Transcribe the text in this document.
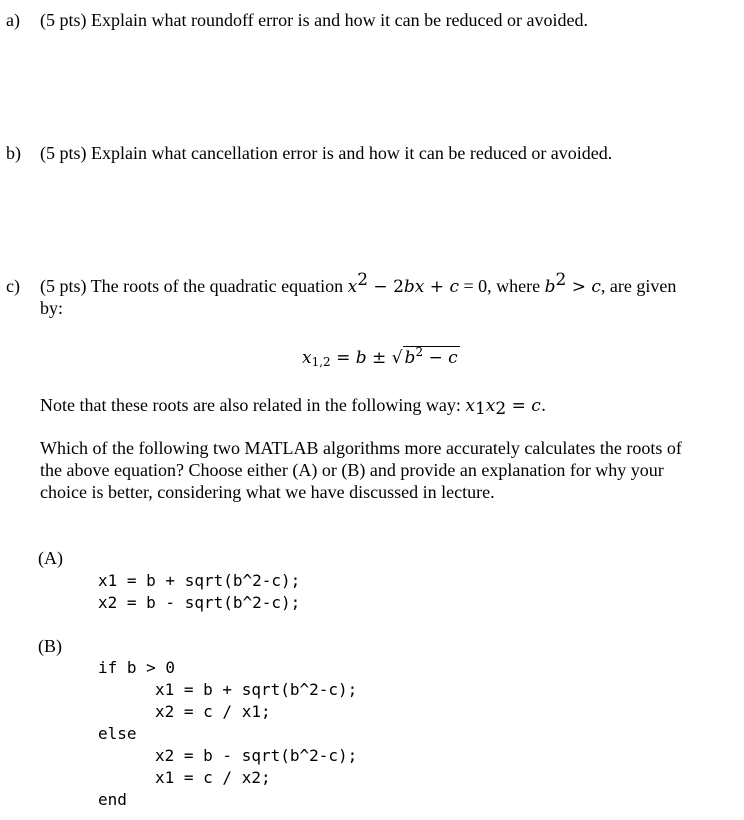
a) (5 pts) Explain what roundoff error is and how it can be reduced or avoided.
b) (5 pts) Explain what cancellation error is and how it can be reduced or avoided.
c) (5 pts) The roots of the quadratic equation $x^2 - 2bx + c = 0$, where $b^2 > c$, are given
by:
$x_{1,2} = b$ ± √ $b^2 - c$
Note that these roots are also related in the following way: $x_1x_2 = c$.
Which of the following two MATLAB algorithms more accurately calculates the roots of
the above equation? Choose either (A) or (B) and provide an explanation for why your
choice is better, considering what we have discussed in lecture.
(A)
x1 = b + sqrt(b^2-c);
x2 = b - sqrt(b^2-c);
(B)
if b > 0
x1 = b + sqrt(b^2-c);
x2 = c / x1;
else
x2 = b - sqrt(b^2-c);
x1 = c / x2;
end
